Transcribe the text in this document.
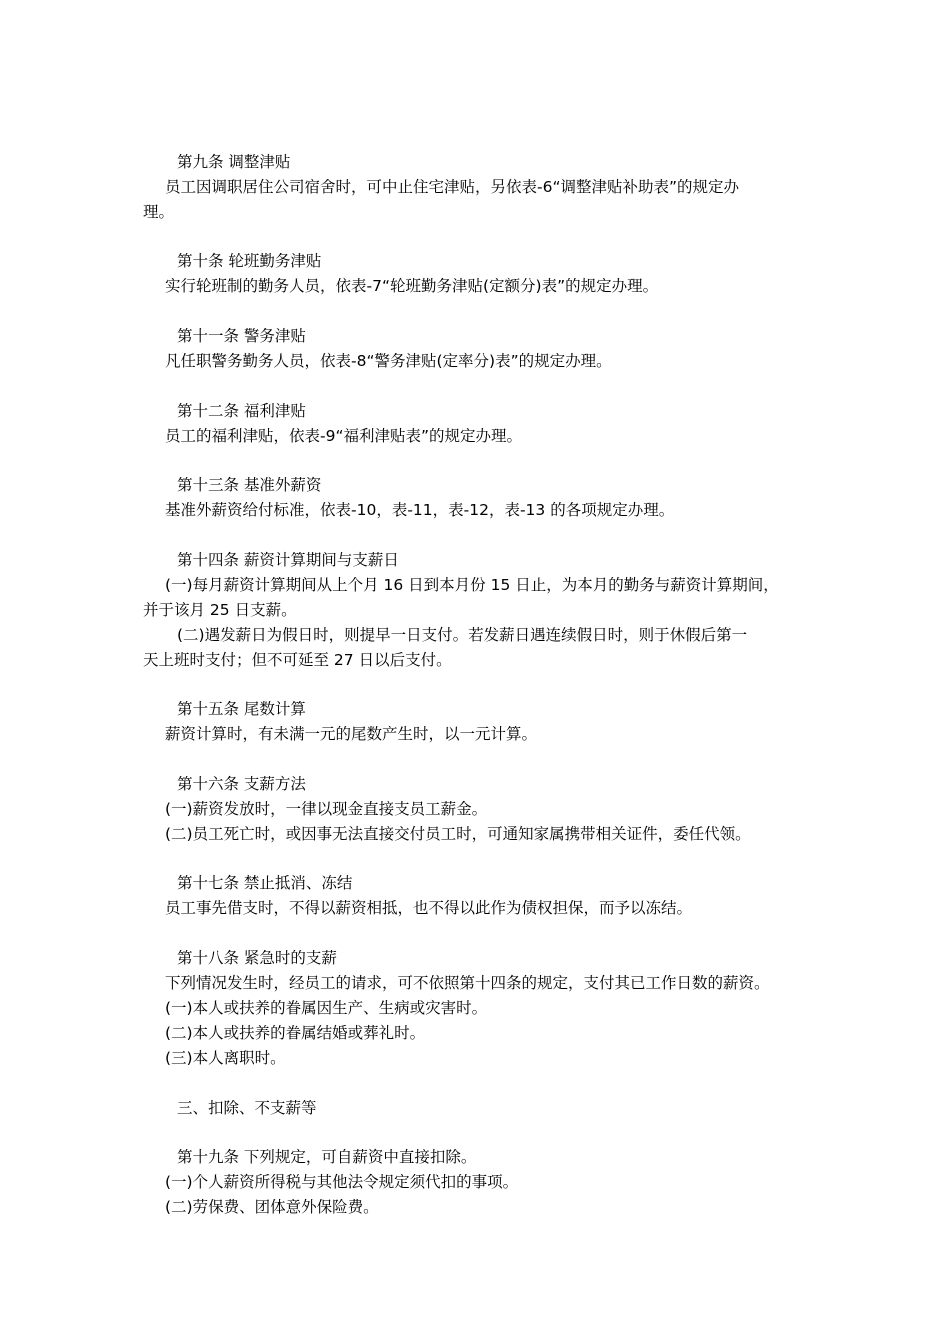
第九条 调整津贴
员工因调职居住公司宿舍时，可中止住宅津贴，另依表-6“调整津贴补助表”的规定办
理。
第十条 轮班勤务津贴
实行轮班制的勤务人员，依表-7“轮班勤务津贴(定额分)表”的规定办理。
第十一条 警务津贴
凡任职警务勤务人员，依表-8“警务津贴(定率分)表”的规定办理。
第十二条 福利津贴
员工的福利津贴，依表-9“福利津贴表”的规定办理。
第十三条 基准外薪资
基准外薪资给付标准，依表-10，表-11，表-12，表-13 的各项规定办理。
第十四条 薪资计算期间与支薪日
(一)每月薪资计算期间从上个月 16 日到本月份 15 日止，为本月的勤务与薪资计算期间，
并于该月 25 日支薪。
(二)遇发薪日为假日时，则提早一日支付。若发薪日遇连续假日时，则于休假后第一
天上班时支付；但不可延至 27 日以后支付。
第十五条 尾数计算
薪资计算时，有未满一元的尾数产生时，以一元计算。
第十六条 支薪方法
(一)薪资发放时，一律以现金直接支员工薪金。
(二)员工死亡时，或因事无法直接交付员工时，可通知家属携带相关证件，委任代领。
第十七条 禁止抵消、冻结
员工事先借支时，不得以薪资相抵，也不得以此作为债权担保，而予以冻结。
第十八条 紧急时的支薪
下列情况发生时，经员工的请求，可不依照第十四条的规定，支付其已工作日数的薪资。
(一)本人或扶养的眷属因生产、生病或灾害时。
(二)本人或扶养的眷属结婚或葬礼时。
(三)本人离职时。
三、扣除、不支薪等
第十九条 下列规定，可自薪资中直接扣除。
(一)个人薪资所得税与其他法令规定须代扣的事项。
(二)劳保费、团体意外保险费。
